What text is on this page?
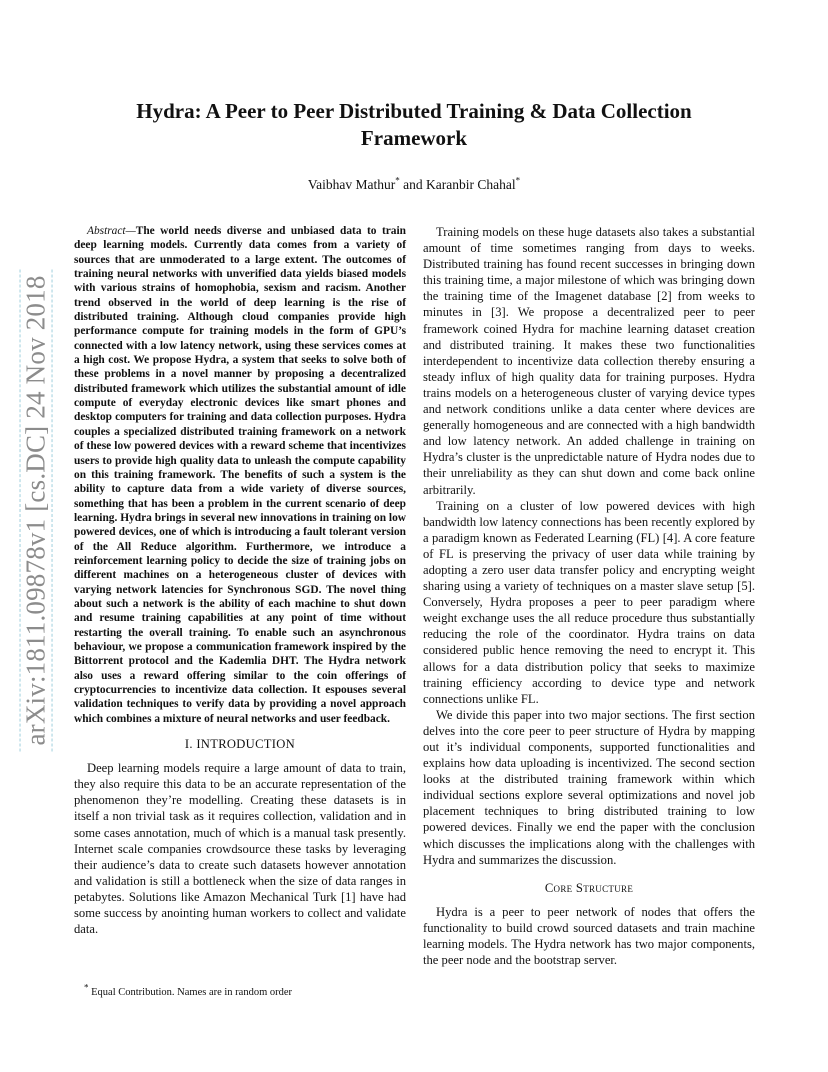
arXiv:1811.09878v1 [cs.DC] 24 Nov 2018
Hydra: A Peer to Peer Distributed Training & Data Collection Framework
Vaibhav Mathur* and Karanbir Chahal*

Abstract—The world needs diverse and unbiased data to train deep learning models. Currently data comes from a variety of sources that are unmoderated to a large extent. The outcomes of training neural networks with unverified data yields biased models with various strains of homophobia, sexism and racism. Another trend observed in the world of deep learning is the rise of distributed training. Although cloud companies provide high performance compute for training models in the form of GPU’s connected with a low latency network, using these services comes at a high cost. We propose Hydra, a system that seeks to solve both of these problems in a novel manner by proposing a decentralized distributed framework which utilizes the substantial amount of idle compute of everyday electronic devices like smart phones and desktop computers for training and data collection purposes. Hydra couples a specialized distributed training framework on a network of these low powered devices with a reward scheme that incentivizes users to provide high quality data to unleash the compute capability on this training framework. The benefits of such a system is the ability to capture data from a wide variety of diverse sources, something that has been a problem in the current scenario of deep learning. Hydra brings in several new innovations in training on low powered devices, one of which is introducing a fault tolerant version of the All Reduce algorithm. Furthermore, we introduce a reinforcement learning policy to decide the size of training jobs on different machines on a heterogeneous cluster of devices with varying network latencies for Synchronous SGD. The novel thing about such a network is the ability of each machine to shut down and resume training capabilities at any point of time without restarting the overall training. To enable such an asynchronous behaviour, we propose a communication framework inspired by the Bittorrent protocol and the Kademlia DHT. The Hydra network also uses a reward offering similar to the coin offerings of cryptocurrencies to incentivize data collection. It espouses several validation techniques to verify data by providing a novel approach which combines a mixture of neural networks and user feedback.

I. INTRODUCTION

Deep learning models require a large amount of data to train, they also require this data to be an accurate representation of the phenomenon they’re modelling. Creating these datasets is in itself a non trivial task as it requires collection, validation and in some cases annotation, much of which is a manual task presently. Internet scale companies crowdsource these tasks by leveraging their audience’s data to create such datasets however annotation and validation is still a bottleneck when the size of data ranges in petabytes. Solutions like Amazon Mechanical Turk [1] have had some success by anointing human workers to collect and validate data.

* Equal Contribution. Names are in random order

Training models on these huge datasets also takes a substantial amount of time sometimes ranging from days to weeks. Distributed training has found recent successes in bringing down this training time, a major milestone of which was bringing down the training time of the Imagenet database [2] from weeks to minutes in [3]. We propose a decentralized peer to peer framework coined Hydra for machine learning dataset creation and distributed training. It makes these two functionalities interdependent to incentivize data collection thereby ensuring a steady influx of high quality data for training purposes. Hydra trains models on a heterogeneous cluster of varying device types and network conditions unlike a data center where devices are generally homogeneous and are connected with a high bandwidth and low latency network. An added challenge in training on Hydra’s cluster is the unpredictable nature of Hydra nodes due to their unreliability as they can shut down and come back online arbitrarily.

Training on a cluster of low powered devices with high bandwidth low latency connections has been recently explored by a paradigm known as Federated Learning (FL) [4]. A core feature of FL is preserving the privacy of user data while training by adopting a zero user data transfer policy and encrypting weight sharing using a variety of techniques on a master slave setup [5]. Conversely, Hydra proposes a peer to peer paradigm where weight exchange uses the all reduce procedure thus substantially reducing the role of the coordinator. Hydra trains on data considered public hence removing the need to encrypt it. This allows for a data distribution policy that seeks to maximize training efficiency according to device type and network connections unlike FL.

We divide this paper into two major sections. The first section delves into the core peer to peer structure of Hydra by mapping out it’s individual components, supported functionalities and explains how data uploading is incentivized. The second section looks at the distributed training framework within which individual sections explore several optimizations and novel job placement techniques to bring distributed training to low powered devices. Finally we end the paper with the conclusion which discusses the implications along with the challenges with Hydra and summarizes the discussion.

Core Structure

Hydra is a peer to peer network of nodes that offers the functionality to build crowd sourced datasets and train machine learning models. The Hydra network has two major components, the peer node and the bootstrap server.
